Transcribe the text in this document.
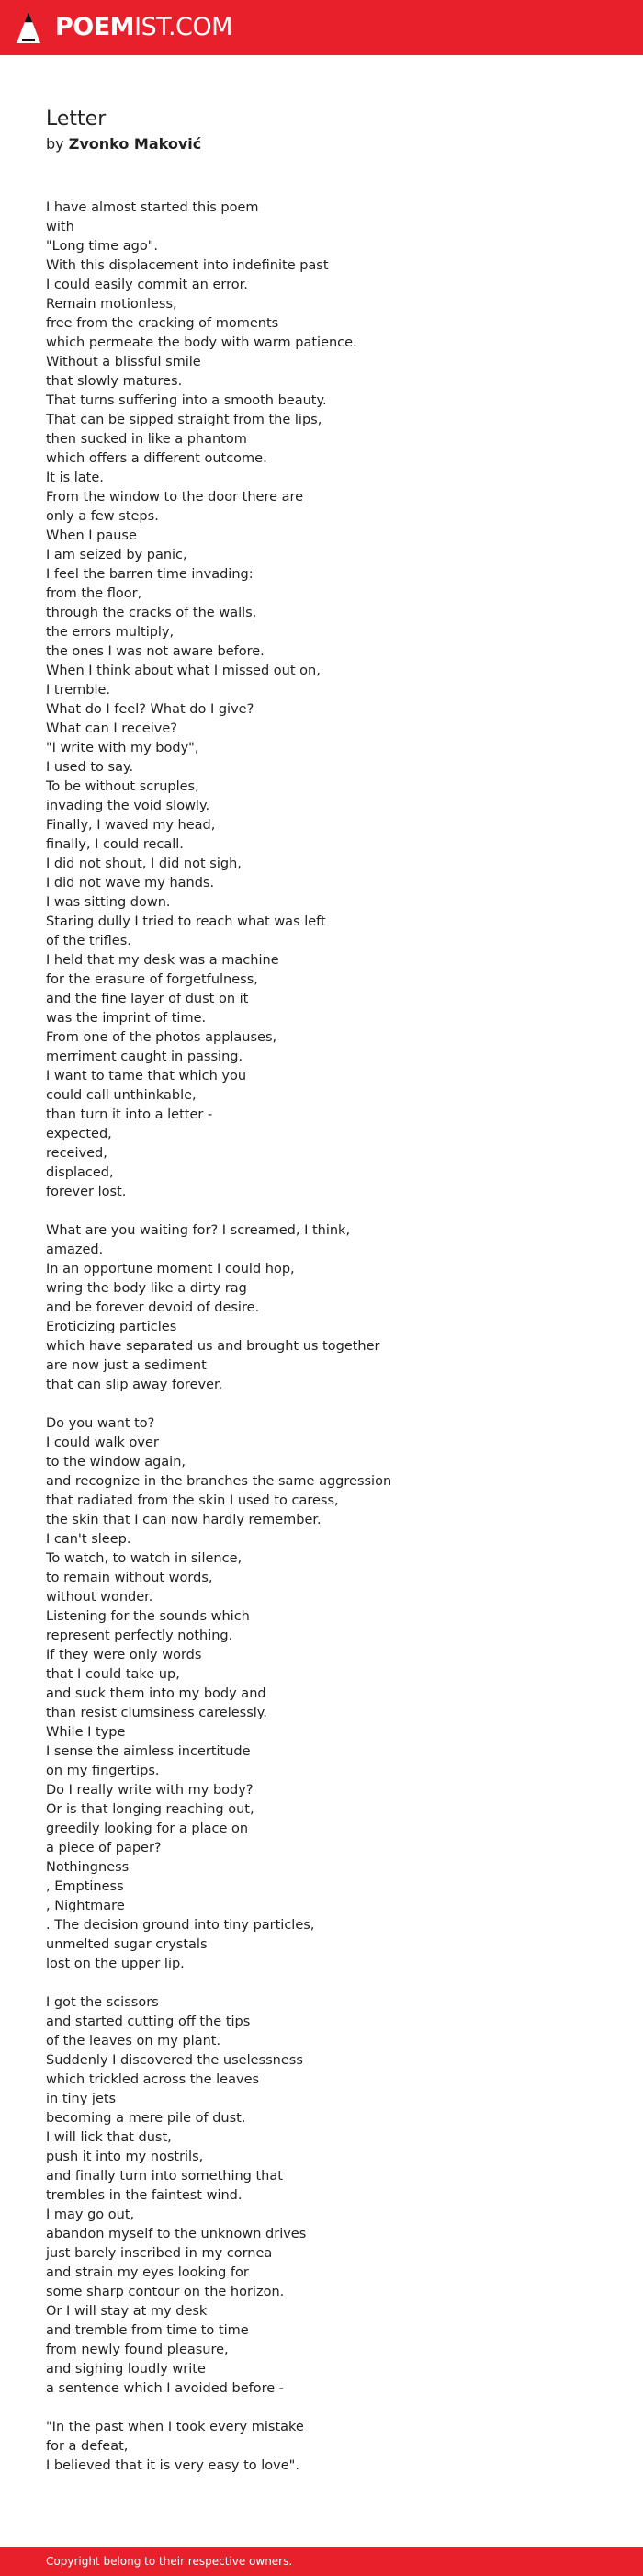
POEMIST.COM
Letter
by Zvonko Maković
I have almost started this poem
with
"Long time ago".
With this displacement into indefinite past
I could easily commit an error.
Remain motionless,
free from the cracking of moments
which permeate the body with warm patience.
Without a blissful smile
that slowly matures.
That turns suffering into a smooth beauty.
That can be sipped straight from the lips,
then sucked in like a phantom
which offers a different outcome.
It is late.
From the window to the door there are
only a few steps.
When I pause
I am seized by panic,
I feel the barren time invading:
from the floor,
through the cracks of the walls,
the errors multiply,
the ones I was not aware before.
When I think about what I missed out on,
I tremble.
What do I feel? What do I give?
What can I receive?
"I write with my body",
I used to say.
To be without scruples,
invading the void slowly.
Finally, I waved my head,
finally, I could recall.
I did not shout, I did not sigh,
I did not wave my hands.
I was sitting down.
Staring dully I tried to reach what was left
of the trifles.
I held that my desk was a machine
for the erasure of forgetfulness,
and the fine layer of dust on it
was the imprint of time.
From one of the photos applauses,
merriment caught in passing.
I want to tame that which you
could call unthinkable,
than turn it into a letter -
expected,
received,
displaced,
forever lost.

What are you waiting for? I screamed, I think,
amazed.
In an opportune moment I could hop,
wring the body like a dirty rag
and be forever devoid of desire.
Eroticizing particles
which have separated us and brought us together
are now just a sediment
that can slip away forever.

Do you want to?
I could walk over
to the window again,
and recognize in the branches the same aggression
that radiated from the skin I used to caress,
the skin that I can now hardly remember.
I can't sleep.
To watch, to watch in silence,
to remain without words,
without wonder.
Listening for the sounds which
represent perfectly nothing.
If they were only words
that I could take up,
and suck them into my body and
than resist clumsiness carelessly.
While I type
I sense the aimless incertitude
on my fingertips.
Do I really write with my body?
Or is that longing reaching out,
greedily looking for a place on
a piece of paper?
Nothingness
, Emptiness
, Nightmare
. The decision ground into tiny particles,
unmelted sugar crystals
lost on the upper lip.

I got the scissors
and started cutting off the tips
of the leaves on my plant.
Suddenly I discovered the uselessness
which trickled across the leaves
in tiny jets
becoming a mere pile of dust.
I will lick that dust,
push it into my nostrils,
and finally turn into something that
trembles in the faintest wind.
I may go out,
abandon myself to the unknown drives
just barely inscribed in my cornea
and strain my eyes looking for
some sharp contour on the horizon.
Or I will stay at my desk
and tremble from time to time
from newly found pleasure,
and sighing loudly write
a sentence which I avoided before -

"In the past when I took every mistake
for a defeat,
I believed that it is very easy to love".
Copyright belong to their respective owners.
